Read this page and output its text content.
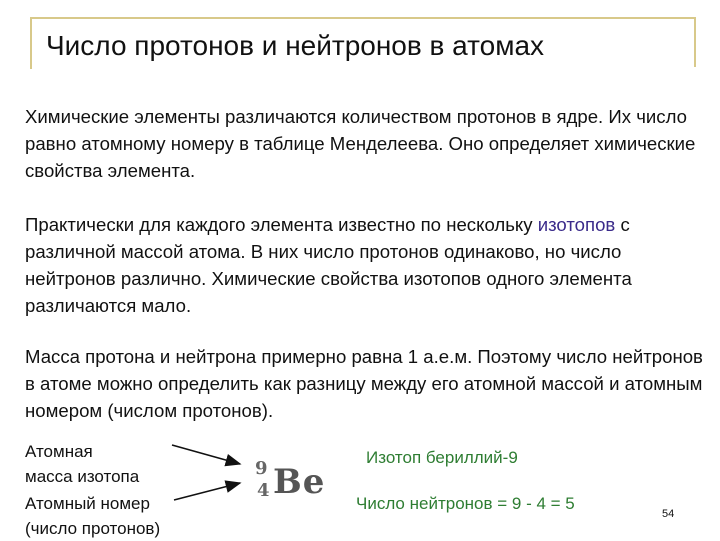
Число протонов и нейтронов в атомах
Химические элементы различаются количеством протонов в ядре. Их число равно атомному номеру в таблице Менделеева. Оно определяет химические свойства элемента.
Практически для каждого элемента известно по нескольку изотопов с различной массой атома. В них число протонов одинаково, но число нейтронов различно. Химические свойства изотопов одного элемента различаются мало.
Масса протона и нейтрона примерно равна 1 а.е.м. Поэтому число нейтронов в атоме можно определить как разницу между его атомной массой и атомным номером (числом протонов).
Атомная
масса изотопа
Атомный номер
(число протонов)
9
4 Be
Изотоп бериллий-9
Число нейтронов = 9 - 4 = 5
54
